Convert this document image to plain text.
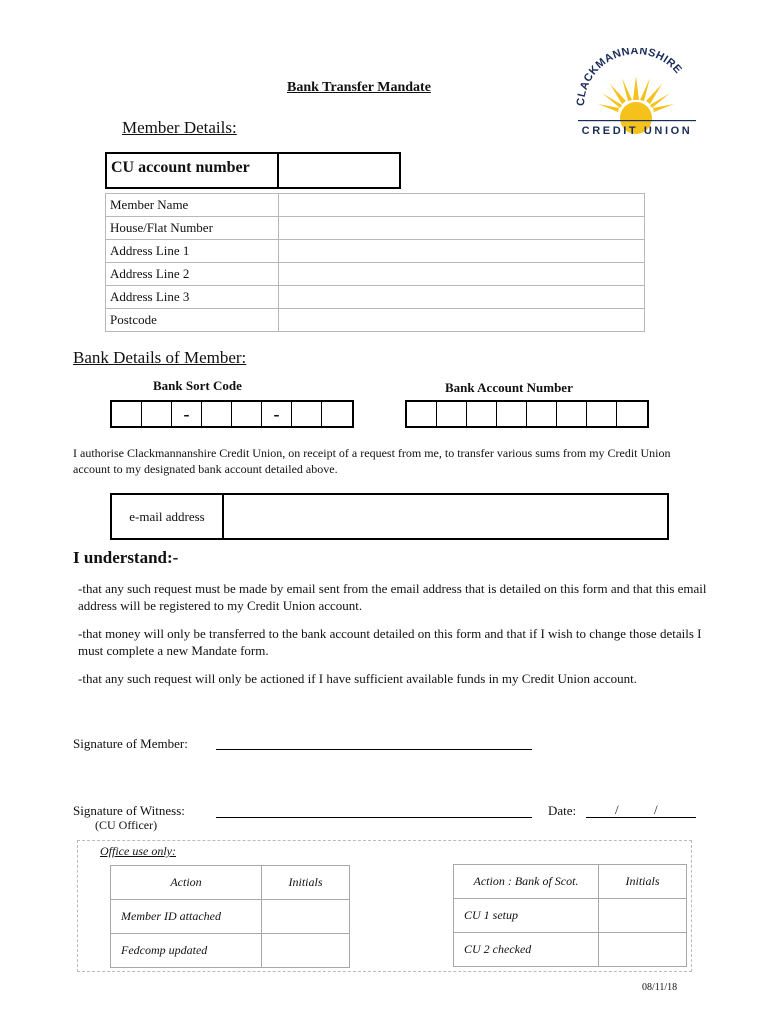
Bank Transfer Mandate
CLACKMANNANSHIRE
CREDIT UNION
Member Details:
CU account number
Member Name	
House/Flat Number	
Address Line 1	
Address Line 2	
Address Line 3	
Postcode	
Bank Details of Member:
Bank Sort Code	Bank Account Number
-	-
I authorise Clackmannanshire Credit Union, on receipt of a request from me, to transfer various sums from my Credit Union account to my designated bank account detailed above.
e-mail address
I understand:-
-that any such request must be made by email sent from the email address that is detailed on this form and that this email address will be registered to my Credit Union account.
-that money will only be transferred to the bank account detailed on this form and that if I wish to change those details I must complete a new Mandate form.
-that any such request will only be actioned if I have sufficient available funds in my Credit Union account.
Signature of Member:
Signature of Witness:
(CU Officer)
Date:	/	/
Office use only:
Action	Initials
Member ID attached	
Fedcomp updated	
Action : Bank of Scot.	Initials
CU 1 setup	
CU 2 checked	
08/11/18
